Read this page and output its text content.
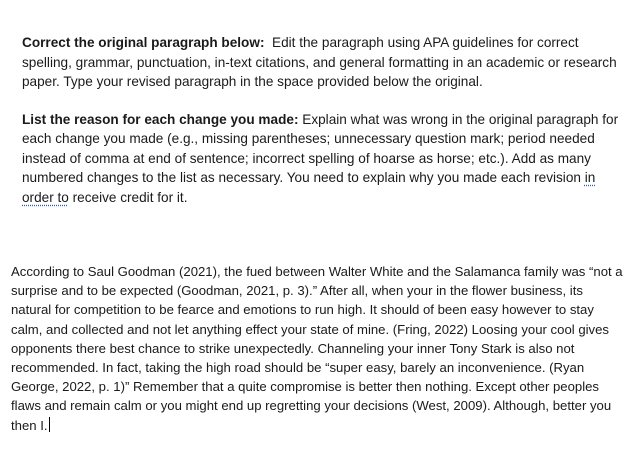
Correct the original paragraph below:  Edit the paragraph using APA guidelines for correct spelling, grammar, punctuation, in-text citations, and general formatting in an academic or research paper. Type your revised paragraph in the space provided below the original.

List the reason for each change you made: Explain what was wrong in the original paragraph for each change you made (e.g., missing parentheses; unnecessary question mark; period needed instead of comma at end of sentence; incorrect spelling of hoarse as horse; etc.). Add as many numbered changes to the list as necessary. You need to explain why you made each revision in order to receive credit for it.

According to Saul Goodman (2021), the fued between Walter White and the Salamanca family was “not a surprise and to be expected (Goodman, 2021, p. 3).” After all, when your in the flower business, its natural for competition to be fearce and emotions to run high. It should of been easy however to stay calm, and collected and not let anything effect your state of mine. (Fring, 2022) Loosing your cool gives opponents there best chance to strike unexpectedly. Channeling your inner Tony Stark is also not recommended. In fact, taking the high road should be “super easy, barely an inconvenience. (Ryan George, 2022, p. 1)” Remember that a quite compromise is better then nothing. Except other peoples flaws and remain calm or you might end up regretting your decisions (West, 2009). Although, better you then I.
